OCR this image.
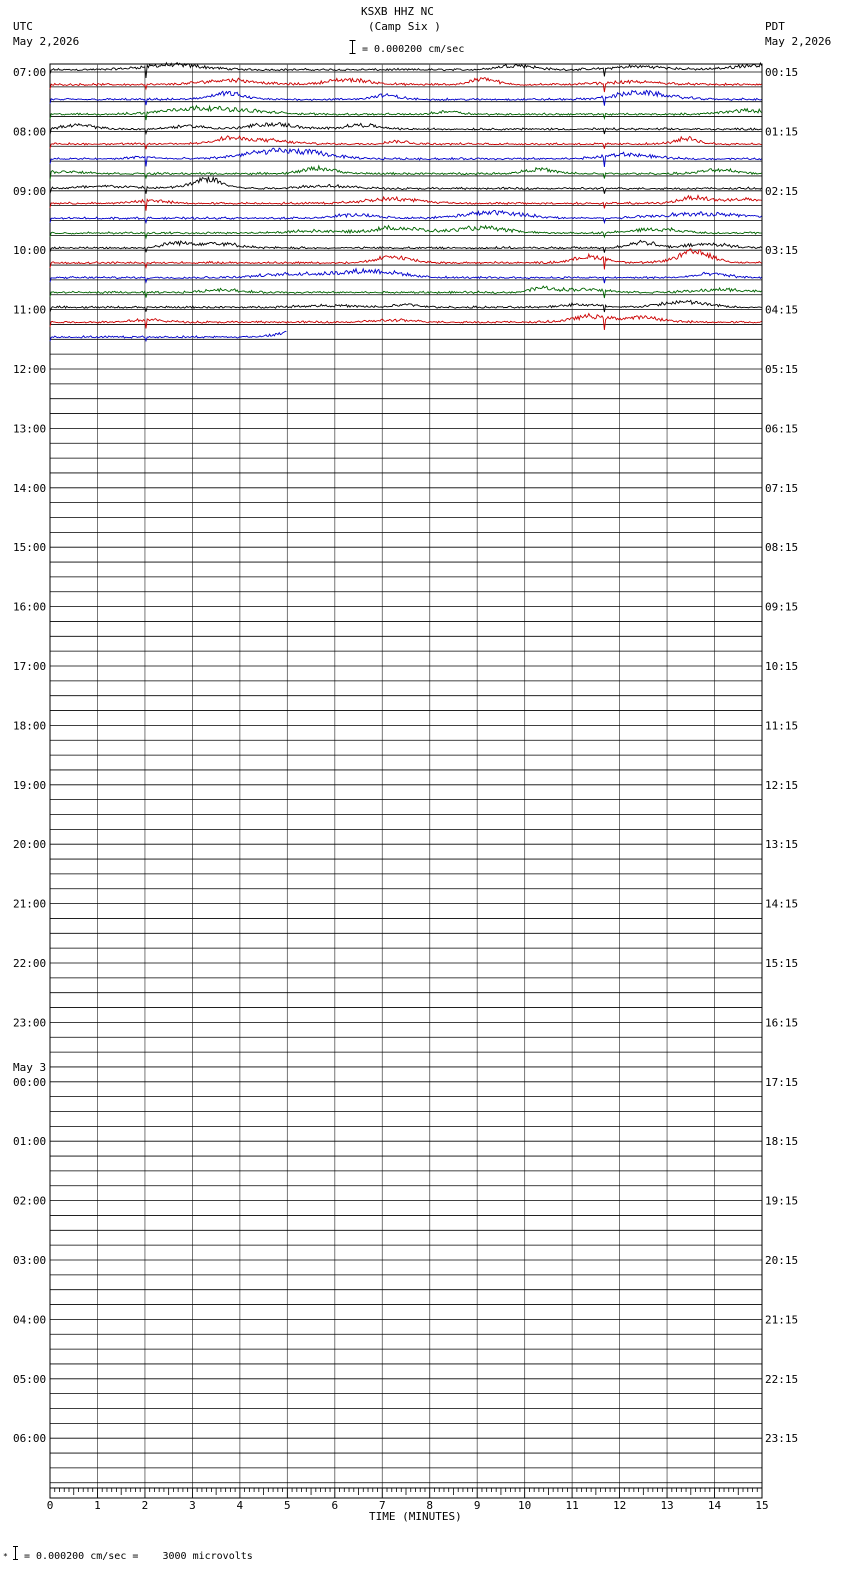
KSXB HHZ NC
(Camp Six )
= 0.000200 cm/sec
UTC
May 2,2026
PDT
May 2,2026
07:00
08:00
09:00
10:00
11:00
12:00
13:00
14:00
15:00
16:00
17:00
18:00
19:00
20:00
21:00
22:00
23:00
00:00
01:00
02:00
03:00
04:00
05:00
06:00
00:15
01:15
02:15
03:15
04:15
05:15
06:15
07:15
08:15
09:15
10:15
11:15
12:15
13:15
14:15
15:15
16:15
17:15
18:15
19:15
20:15
21:15
22:15
23:15
May 3
0	1	2	3	4	5	6	7	8	9	10	11	12	13	14	15
TIME (MINUTES)
* = 0.000200 cm/sec =    3000 microvolts
